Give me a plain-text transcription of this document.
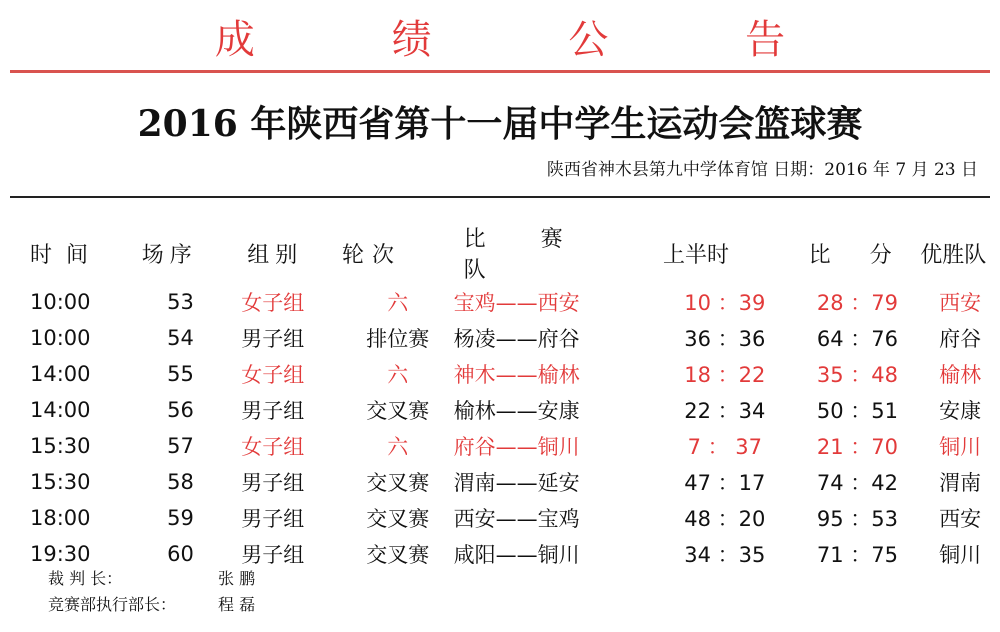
成 绩 公 告
2016 年陕西省第十一届中学生运动会篮球赛
陕西省神木县第九中学体育馆 日期：2016 年 7 月 23 日
时间	场序	组别	轮次	比 赛 队	上半时	比 分	优胜队
10:00	53	女子组	六	宝鸡——西安	10 ：39	28 ：79	西安
10:00	54	男子组	排位赛	杨凌——府谷	36 ：36	64 ：76	府谷
14:00	55	女子组	六	神木——榆林	18 ：22	35 ：48	榆林
14:00	56	男子组	交叉赛	榆林——安康	22 ：34	50 ：51	安康
15:30	57	女子组	六	府谷——铜川	7 ： 37	21 ：70	铜川
15:30	58	男子组	交叉赛	渭南——延安	47 ：17	74 ：42	渭南
18:00	59	男子组	交叉赛	西安——宝鸡	48 ：20	95 ：53	西安
19:30	60	男子组	交叉赛	咸阳——铜川	34 ：35	71 ：75	铜川
裁 判 长：	张 鹏
竞赛部执行部长：	程 磊
